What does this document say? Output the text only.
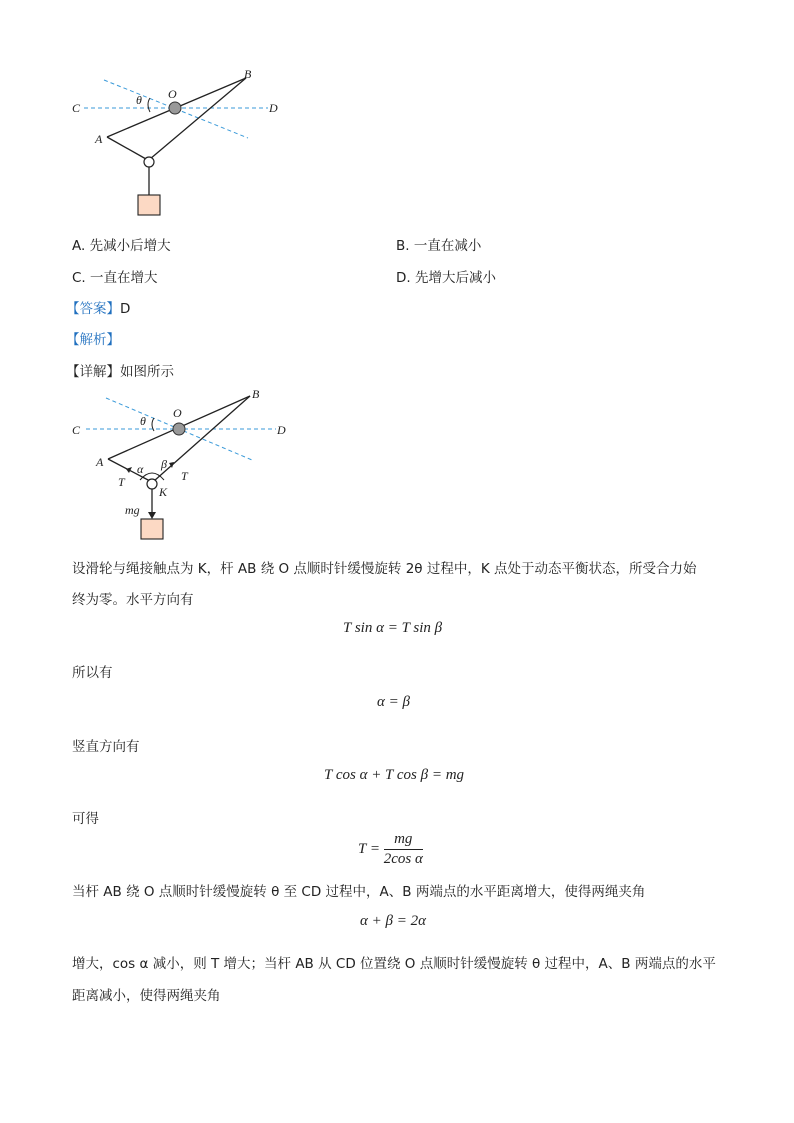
B
O
θ
C	D
A
A. 先减小后增大	B. 一直在减小
C. 一直在增大	D. 先增大后减小
【答案】D
【解析】
【详解】如图所示
B
O
θ
C	D
A	α β
T	T
K
mg
设滑轮与绳接触点为 K，杆 AB 绕 O 点顺时针缓慢旋转 2θ 过程中，K 点处于动态平衡状态，所受合力始
终为零。水平方向有
T sin α = T sin β
所以有
α = β
竖直方向有
T cos α + T cos β = mg
可得
$T = \frac{mg}{\text{2cos α}}$
当杆 AB 绕 O 点顺时针缓慢旋转 θ 至 CD 过程中，A、B 两端点的水平距离增大，使得两绳夹角
α + β = 2α
增大，cos α 减小，则 T 增大；当杆 AB 从 CD 位置绕 O 点顺时针缓慢旋转 θ 过程中，A、B 两端点的水平
距离减小，使得两绳夹角
